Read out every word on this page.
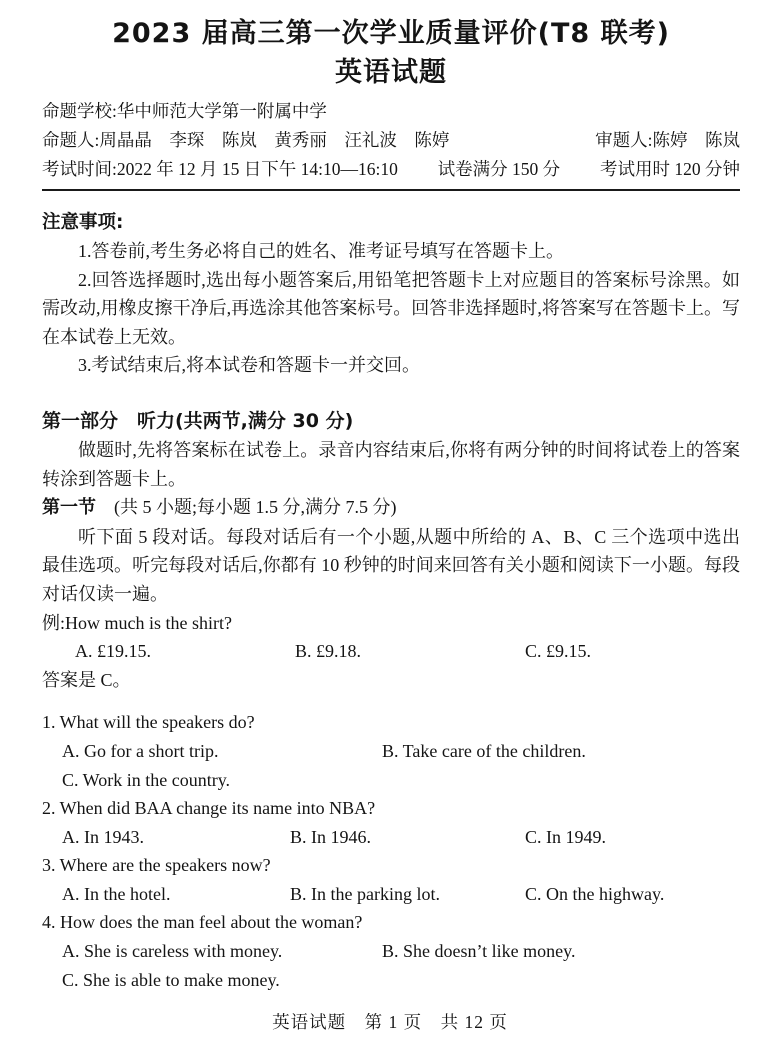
2023 届高三第一次学业质量评价(T8 联考)
英语试题
命题学校:华中师范大学第一附属中学
命题人:周晶晶　李琛　陈岚　黄秀丽　汪礼波　陈婷	审题人:陈婷　陈岚
考试时间:2022 年 12 月 15 日下午 14:10—16:10 试卷满分 150 分 考试用时 120 分钟
注意事项:

1.答卷前,考生务必将自己的姓名、准考证号填写在答题卡上。

2.回答选择题时,选出每小题答案后,用铅笔把答题卡上对应题目的答案标号涂黑。如需改动,用橡皮擦干净后,再选涂其他答案标号。回答非选择题时,将答案写在答题卡上。写在本试卷上无效。

3.考试结束后,将本试卷和答题卡一并交回。

第一部分　听力(共两节,满分 30 分)

做题时,先将答案标在试卷上。录音内容结束后,你将有两分钟的时间将试卷上的答案转涂到答题卡上。

第一节　(共 5 小题;每小题 1.5 分,满分 7.5 分)

听下面 5 段对话。每段对话后有一个小题,从题中所给的 A、B、C 三个选项中选出最佳选项。听完每段对话后,你都有 10 秒钟的时间来回答有关小题和阅读下一小题。每段对话仅读一遍。

例:How much is the shirt?
A. £19.15.	B. £9.18.	C. £9.15.
答案是 C。
1. What will the speakers do?
A. Go for a short trip.	B. Take care of the children.
C. Work in the country.
2. When did BAA change its name into NBA?
A. In 1943.	B. In 1946.	C. In 1949.
3. Where are the speakers now?
A. In the hotel.	B. In the parking lot.	C. On the highway.
4. How does the man feel about the woman?
A. She is careless with money.	B. She doesn’t like money.
C. She is able to make money.
英语试题　第 1 页　共 12 页
